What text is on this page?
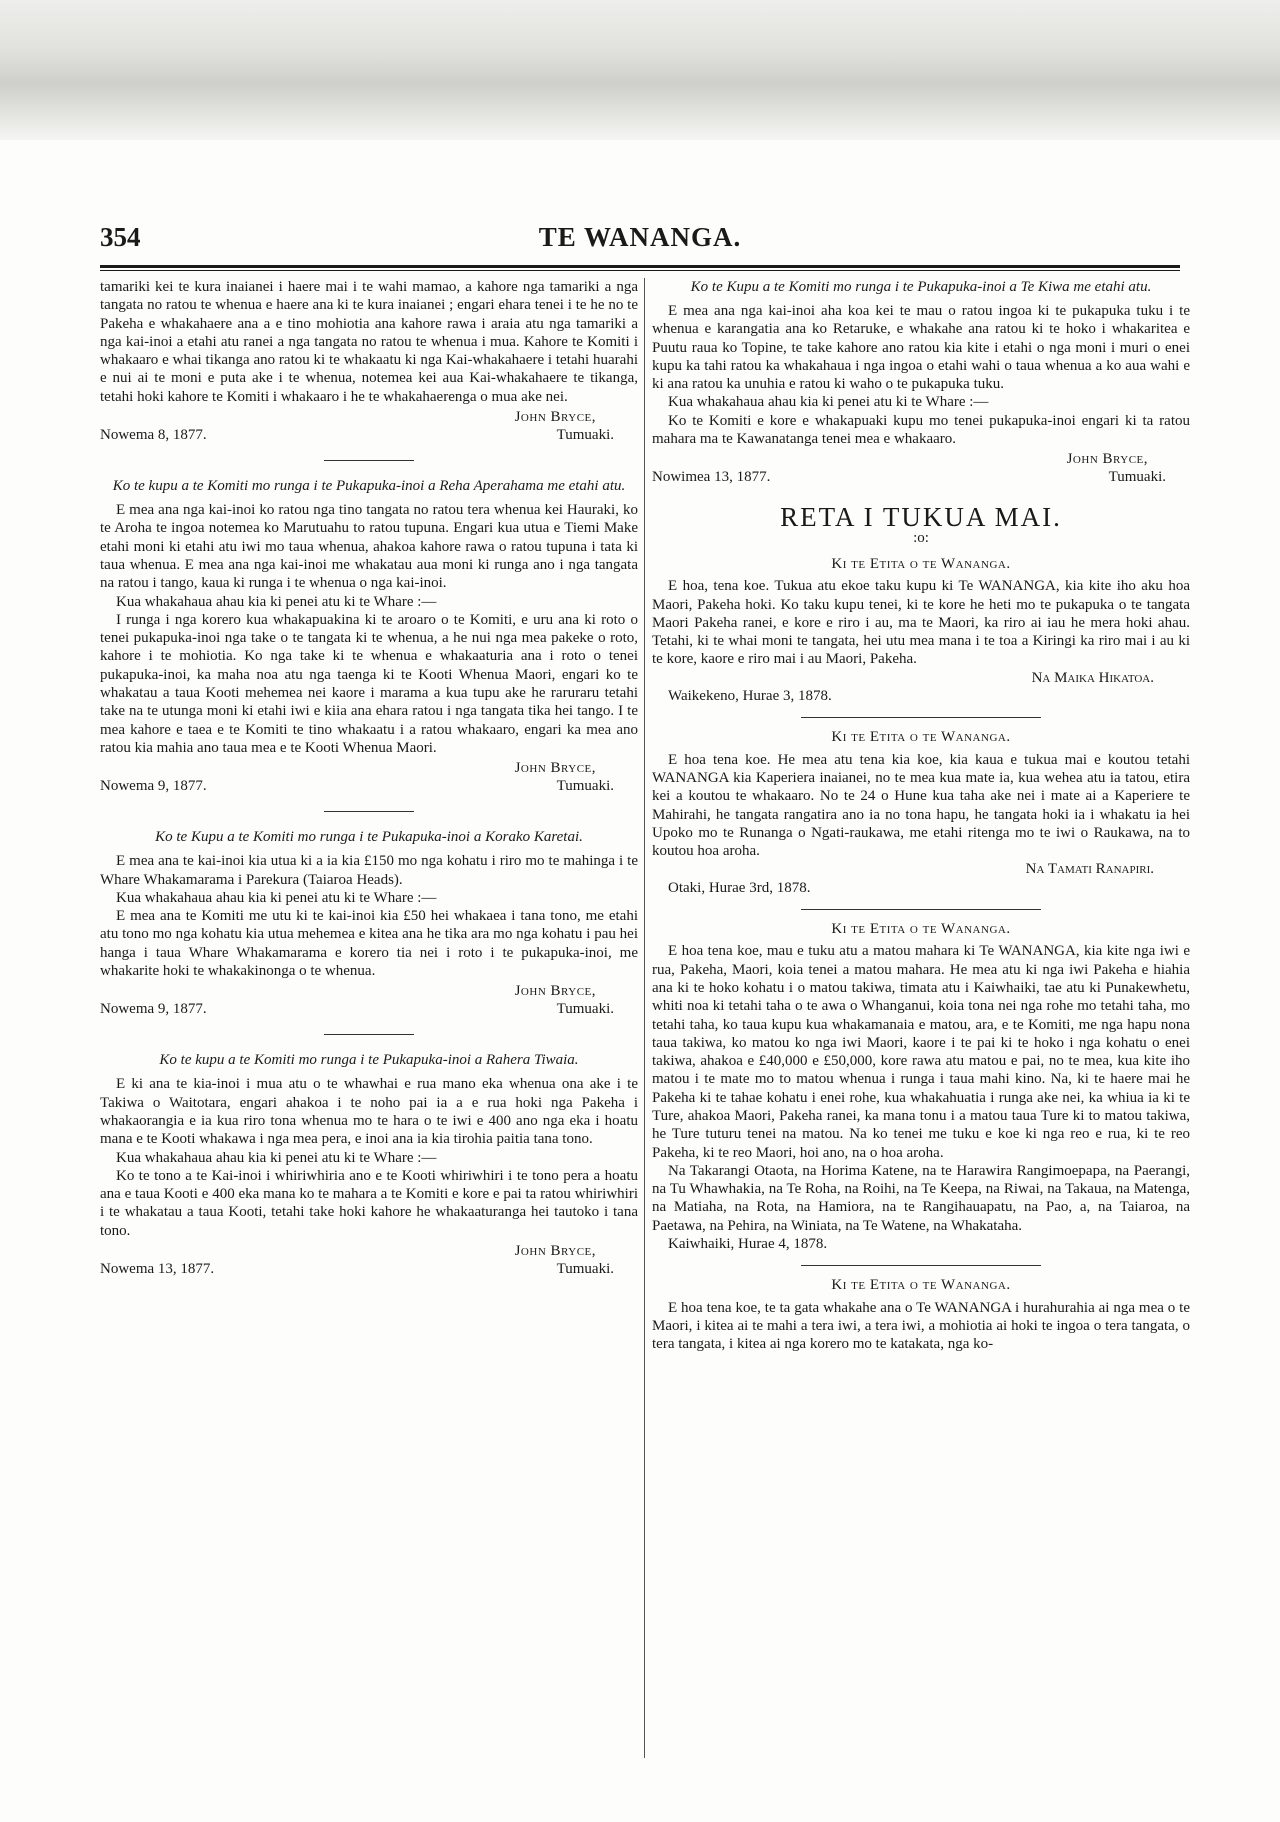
354	TE WANANGA.

tamariki kei te kura inaianei i haere mai i te wahi mamao, a kahore nga tamariki a nga tangata no ratou te whenua e haere ana ki te kura inaianei ; engari ehara tenei i te he no te Pakeha e whakahaere ana a e tino mohiotia ana kahore rawa i araia atu nga tamariki a nga kai-inoi a etahi atu ranei a nga tangata no ratou te whenua i mua. Kahore te Komiti i whakaaro e whai tikanga ano ratou ki te whakaatu ki nga Kai-whakahaere i tetahi huarahi e nui ai te moni e puta ake i te whenua, notemea kei aua Kai-whakahaere te tikanga, tetahi hoki kahore te Komiti i whakaaro i he te whakahaerenga o mua ake nei.

John Bryce,
Nowema 8, 1877.	Tumuaki.

Ko te kupu a te Komiti mo runga i te Pukapuka-inoi a Reha Aperahama me etahi atu.

E mea ana nga kai-inoi ko ratou nga tino tangata no ratou tera whenua kei Hauraki, ko te Aroha te ingoa notemea ko Marutuahu to ratou tupuna. Engari kua utua e Tiemi Make etahi moni ki etahi atu iwi mo taua whenua, ahakoa kahore rawa o ratou tupuna i tata ki taua whenua. E mea ana nga kai-inoi me whakatau aua moni ki runga ano i nga tangata na ratou i tango, kaua ki runga i te whenua o nga kai-inoi.

Kua whakahaua ahau kia ki penei atu ki te Whare :—

I runga i nga korero kua whakapuakina ki te aroaro o te Komiti, e uru ana ki roto o tenei pukapuka-inoi nga take o te tangata ki te whenua, a he nui nga mea pakeke o roto, kahore i te mohiotia. Ko nga take ki te whenua e whakaaturia ana i roto o tenei pukapuka-inoi, ka maha noa atu nga taenga ki te Kooti Whenua Maori, engari ko te whakatau a taua Kooti mehemea nei kaore i marama a kua tupu ake he raruraru tetahi take na te utunga moni ki etahi iwi e kiia ana ehara ratou i nga tangata tika hei tango. I te mea kahore e taea e te Komiti te tino whakaatu i a ratou whakaaro, engari ka mea ano ratou kia mahia ano taua mea e te Kooti Whenua Maori.

John Bryce,
Nowema 9, 1877.	Tumuaki.

Ko te Kupu a te Komiti mo runga i te Pukapuka-inoi a Korako Karetai.

E mea ana te kai-inoi kia utua ki a ia kia £150 mo nga kohatu i riro mo te mahinga i te Whare Whakamarama i Parekura (Taiaroa Heads).

Kua whakahaua ahau kia ki penei atu ki te Whare :—

E mea ana te Komiti me utu ki te kai-inoi kia £50 hei whakaea i tana tono, me etahi atu tono mo nga kohatu kia utua mehemea e kitea ana he tika ara mo nga kohatu i pau hei hanga i taua Whare Whakamarama e korero tia nei i roto i te pukapuka-inoi, me whakarite hoki te whakakinonga o te whenua.

John Bryce,
Nowema 9, 1877.	Tumuaki.

Ko te kupu a te Komiti mo runga i te Pukapuka-inoi a Rahera Tiwaia.

E ki ana te kia-inoi i mua atu o te whawhai e rua mano eka whenua ona ake i te Takiwa o Waitotara, engari ahakoa i te noho pai ia a e rua hoki nga Pakeha i whakaorangia e ia kua riro tona whenua mo te hara o te iwi e 400 ano nga eka i hoatu mana e te Kooti whakawa i nga mea pera, e inoi ana ia kia tirohia paitia tana tono.

Kua whakahaua ahau kia ki penei atu ki te Whare :—

Ko te tono a te Kai-inoi i whiriwhiria ano e te Kooti whiriwhiri i te tono pera a hoatu ana e taua Kooti e 400 eka mana ko te mahara a te Komiti e kore e pai ta ratou whiriwhiri i te whakatau a taua Kooti, tetahi take hoki kahore he whakaaturanga hei tautoko i tana tono.

John Bryce,
Nowema 13, 1877.	Tumuaki.

Ko te Kupu a te Komiti mo runga i te Pukapuka-inoi a Te Kiwa me etahi atu.

E mea ana nga kai-inoi aha koa kei te mau o ratou ingoa ki te pukapuka tuku i te whenua e karangatia ana ko Retaruke, e whakahe ana ratou ki te hoko i whakaritea e Puutu raua ko Topine, te take kahore ano ratou kia kite i etahi o nga moni i muri o enei kupu ka tahi ratou ka whakahaua i nga ingoa o etahi wahi o taua whenua a ko aua wahi e ki ana ratou ka unuhia e ratou ki waho o te pukapuka tuku.

Kua whakahaua ahau kia ki penei atu ki te Whare :—

Ko te Komiti e kore e whakapuaki kupu mo tenei pukapuka-inoi engari ki ta ratou mahara ma te Kawanatanga tenei mea e whakaaro.

John Bryce,
Nowimea 13, 1877.	Tumuaki.
RETA I TUKUA MAI.
:o:
Ki te Etita o te Wananga.

E hoa, tena koe. Tukua atu ekoe taku kupu ki Te WANANGA, kia kite iho aku hoa Maori, Pakeha hoki. Ko taku kupu tenei, ki te kore he heti mo te pukapuka o te tangata Maori Pakeha ranei, e kore e riro i au, ma te Maori, ka riro ai iau he mera hoki ahau. Tetahi, ki te whai moni te tangata, hei utu mea mana i te toa a Kiringi ka riro mai i au ki te kore, kaore e riro mai i au Maori, Pakeha.

Na Maika Hikatoa.
Waikekeno, Hurae 3, 1878.
Ki te Etita o te Wananga.

E hoa tena koe. He mea atu tena kia koe, kia kaua e tukua mai e koutou tetahi WANANGA kia Kaperiera inaianei, no te mea kua mate ia, kua wehea atu ia tatou, etira kei a koutou te whakaaro. No te 24 o Hune kua taha ake nei i mate ai a Kaperiere te Mahirahi, he tangata rangatira ano ia no tona hapu, he tangata hoki ia i whakatu ia hei Upoko mo te Runanga o Ngati-raukawa, me etahi ritenga mo te iwi o Raukawa, na to koutou hoa aroha.

Na Tamati Ranapiri.
Otaki, Hurae 3rd, 1878.
Ki te Etita o te Wananga.

E hoa tena koe, mau e tuku atu a matou mahara ki Te WANANGA, kia kite nga iwi e rua, Pakeha, Maori, koia tenei a matou mahara. He mea atu ki nga iwi Pakeha e hiahia ana ki te hoko kohatu i o matou takiwa, timata atu i Kaiwhaiki, tae atu ki Punakewhetu, whiti noa ki tetahi taha o te awa o Whanganui, koia tona nei nga rohe mo tetahi taha, mo tetahi taha, ko taua kupu kua whakamanaia e matou, ara, e te Komiti, me nga hapu nona taua takiwa, ko matou ko nga iwi Maori, kaore i te pai ki te hoko i nga kohatu o enei takiwa, ahakoa e £40,000 e £50,000, kore rawa atu matou e pai, no te mea, kua kite iho matou i te mate mo to matou whenua i runga i taua mahi kino. Na, ki te haere mai he Pakeha ki te tahae kohatu i enei rohe, kua whakahuatia i runga ake nei, ka whiua ia ki te Ture, ahakoa Maori, Pakeha ranei, ka mana tonu i a matou taua Ture ki to matou takiwa, he Ture tuturu tenei na matou. Na ko tenei me tuku e koe ki nga reo e rua, ki te reo Pakeha, ki te reo Maori, hoi ano, na o hoa aroha.

Na Takarangi Otaota, na Horima Katene, na te Harawira Rangimoepapa, na Paerangi, na Tu Whawhakia, na Te Roha, na Roihi, na Te Keepa, na Riwai, na Takaua, na Matenga, na Matiaha, na Rota, na Hamiora, na te Rangihauapatu, na Pao, a, na Taiaroa, na Paetawa, na Pehira, na Winiata, na Te Watene, na Whakataha.

Kaiwhaiki, Hurae 4, 1878.
Ki te Etita o te Wananga.

E hoa tena koe, te ta gata whakahe ana o Te WANANGA i hurahurahia ai nga mea o te Maori, i kitea ai te mahi a tera iwi, a tera iwi, a mohiotia ai hoki te ingoa o tera tangata, o tera tangata, i kitea ai nga korero mo te katakata, nga ko-
